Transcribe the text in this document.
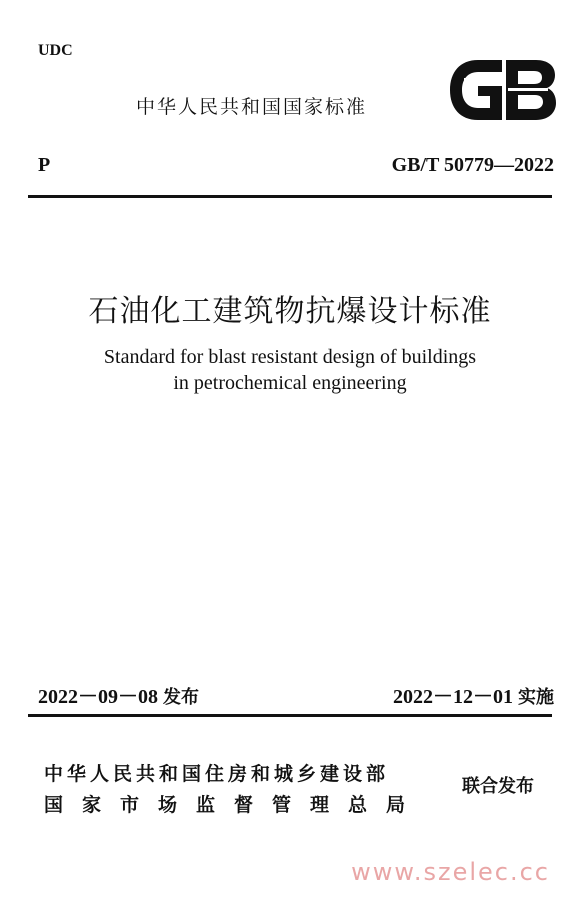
UDC
中华人民共和国国家标准
P	GB/T 50779—2022
石油化工建筑物抗爆设计标准
Standard for blast resistant design of buildings
in petrochemical engineering
2022－09－08 发布	2022－12－01 实施
中华人民共和国住房和城乡建设部
国家市场监督管理总局
联合发布
www.szelec.cc
